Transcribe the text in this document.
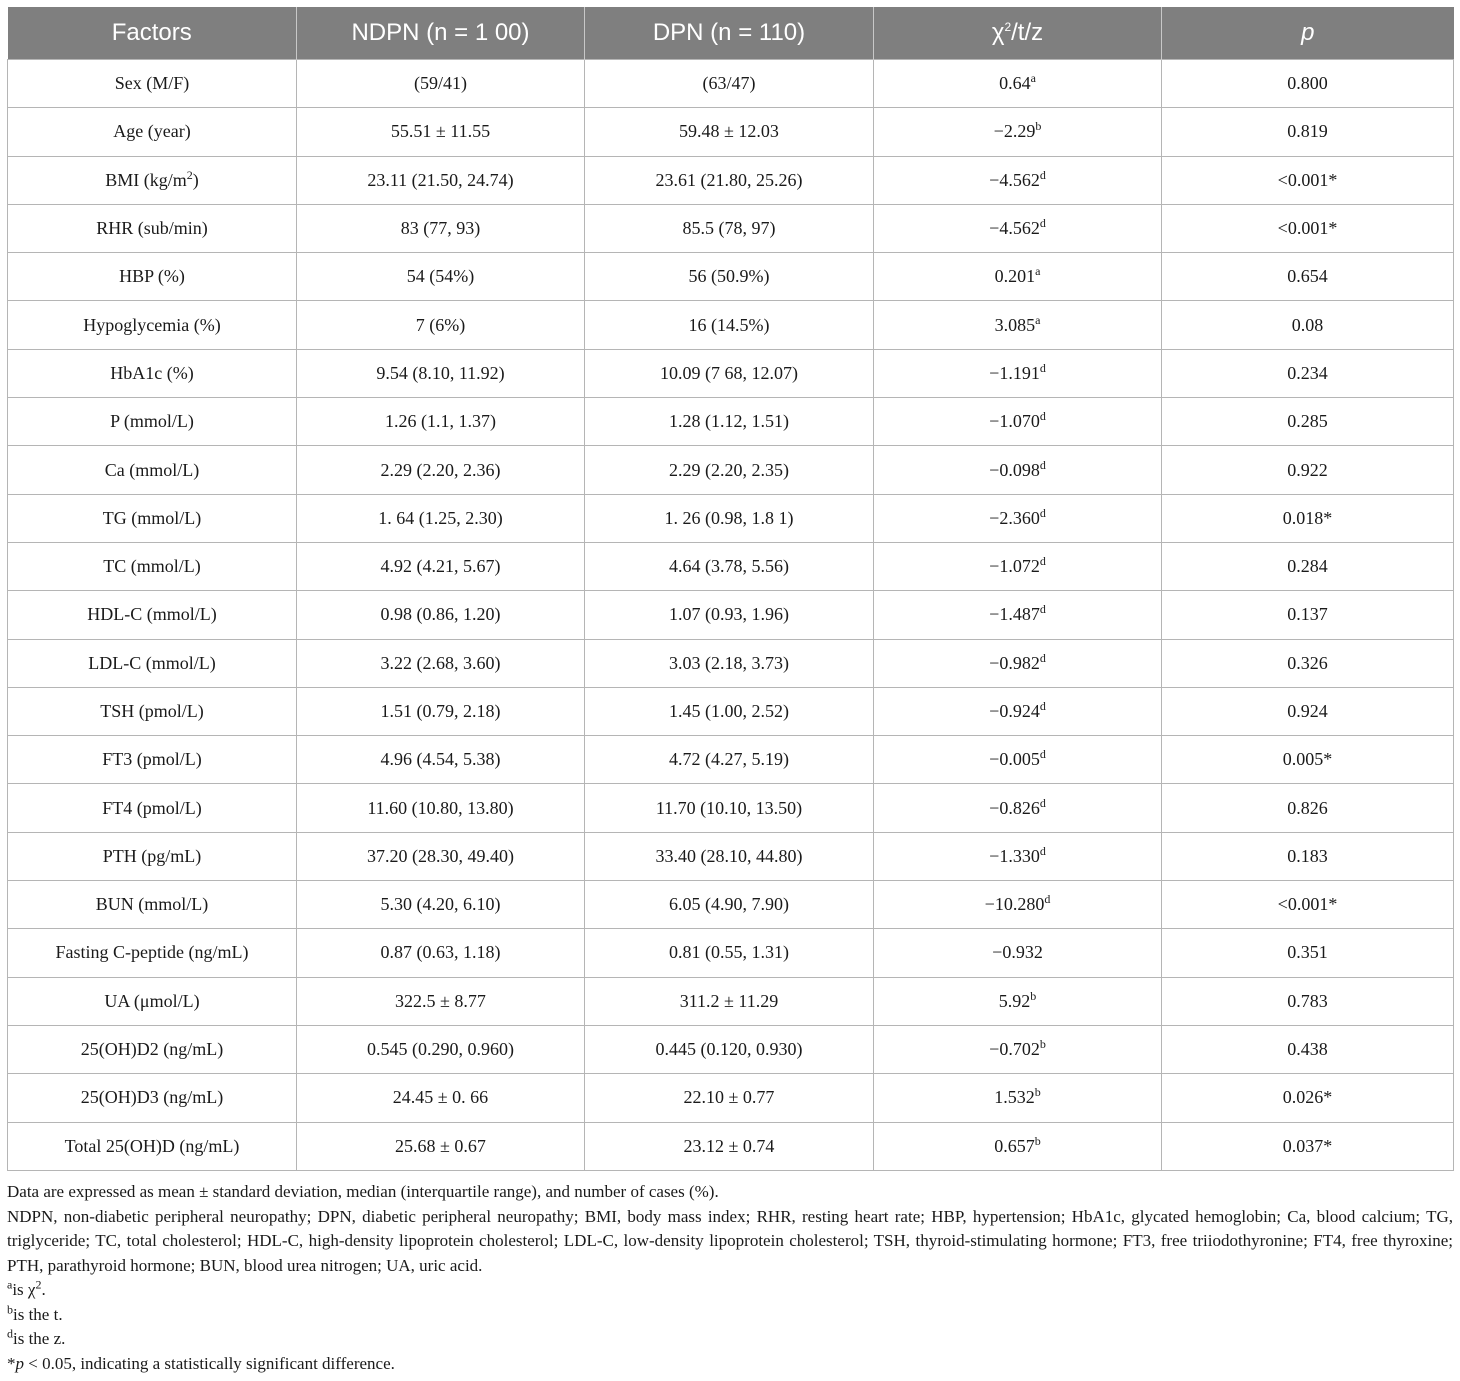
Factors	NDPN (n = 1 00)	DPN (n = 110)	$\chi^2/t/z$	p
Sex (M/F)	(59/41)	(63/47)	0.64$^a$	0.800
Age (year)	55.51 ± 11.55	59.48 ± 12.03	−2.29$^b$	0.819
BMI $(kg/m^2)$	23.11 (21.50, 24.74)	23.61 (21.80, 25.26)	−4.562$^d$	<0.001*
RHR (sub/min)	83 (77, 93)	85.5 (78, 97)	−4.562$^d$	<0.001*
HBP (%)	54 (54%)	56 (50.9%)	0.201$^a$	0.654
Hypoglycemia (%)	7 (6%)	16 (14.5%)	3.085$^a$	0.08
HbA1c (%)	9.54 (8.10, 11.92)	10.09 (7 68, 12.07)	−1.191$^d$	0.234
P (mmol/L)	1.26 (1.1, 1.37)	1.28 (1.12, 1.51)	−1.070$^d$	0.285
Ca (mmol/L)	2.29 (2.20, 2.36)	2.29 (2.20, 2.35)	−0.098$^d$	0.922
TG (mmol/L)	1. 64 (1.25, 2.30)	1. 26 (0.98, 1.8 1)	−2.360$^d$	0.018*
TC (mmol/L)	4.92 (4.21, 5.67)	4.64 (3.78, 5.56)	−1.072$^d$	0.284
HDL-C (mmol/L)	0.98 (0.86, 1.20)	1.07 (0.93, 1.96)	−1.487$^d$	0.137
LDL-C (mmol/L)	3.22 (2.68, 3.60)	3.03 (2.18, 3.73)	−0.982$^d$	0.326
TSH (pmol/L)	1.51 (0.79, 2.18)	1.45 (1.00, 2.52)	−0.924$^d$	0.924
FT3 (pmol/L)	4.96 (4.54, 5.38)	4.72 (4.27, 5.19)	−0.005$^d$	0.005*
FT4 (pmol/L)	11.60 (10.80, 13.80)	11.70 (10.10, 13.50)	−0.826$^d$	0.826
PTH (pg/mL)	37.20 (28.30, 49.40)	33.40 (28.10, 44.80)	−1.330$^d$	0.183
BUN (mmol/L)	5.30 (4.20, 6.10)	6.05 (4.90, 7.90)	−10.280$^d$	<0.001*
Fasting C-peptide (ng/mL)	0.87 (0.63, 1.18)	0.81 (0.55, 1.31)	−0.932	0.351
UA (μmol/L)	322.5 ± 8.77	311.2 ± 11.29	5.92$^b$	0.783
25(OH)D2 (ng/mL)	0.545 (0.290, 0.960)	0.445 (0.120, 0.930)	−0.702$^b$	0.438
25(OH)D3 (ng/mL)	24.45 ± 0. 66	22.10 ± 0.77	1.532$^b$	0.026*
Total 25(OH)D (ng/mL)	25.68 ± 0.67	23.12 ± 0.74	0.657$^b$	0.037*

Data are expressed as mean ± standard deviation, median (interquartile range), and number of cases (%).

NDPN, non-diabetic peripheral neuropathy; DPN, diabetic peripheral neuropathy; BMI, body mass index; RHR, resting heart rate; HBP, hypertension; HbA1c, glycated hemoglobin; Ca, blood calcium; TG, triglyceride; TC, total cholesterol; HDL-C, high-density lipoprotein cholesterol; LDL-C, low-density lipoprotein cholesterol; TSH, thyroid-stimulating hormone; FT3, free triiodothyronine; FT4, free thyroxine; PTH, parathyroid hormone; BUN, blood urea nitrogen; UA, uric acid.

$^a$is $\chi^2$.

$^b$is the t.

$^d$is the z.

*p < 0.05, indicating a statistically significant difference.
